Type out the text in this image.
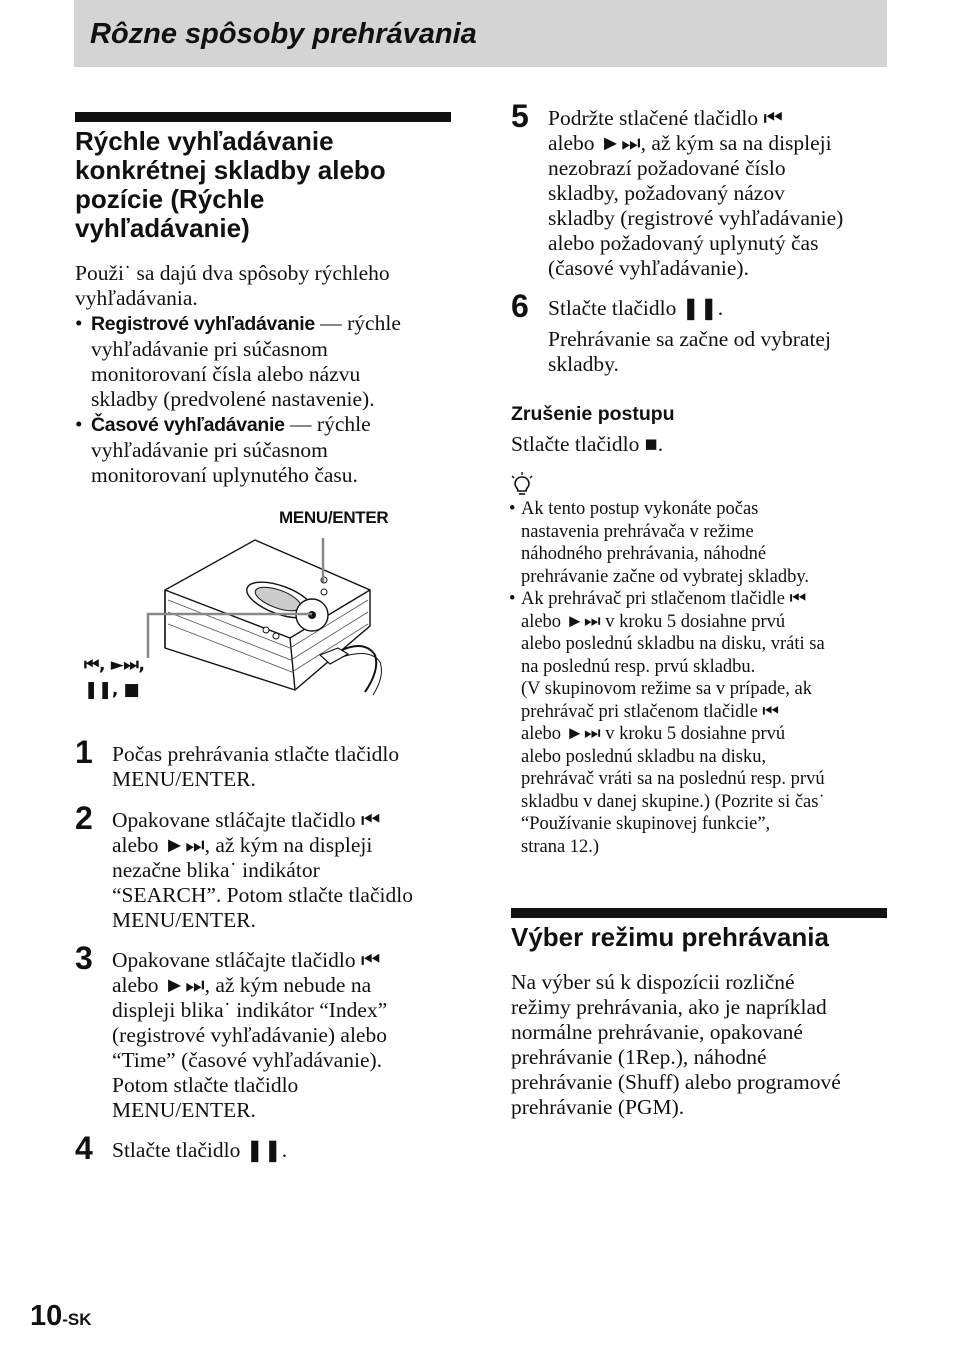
Rôzne spôsoby prehrávania
Rýchle vyhľadávanie
konkrétnej skladby alebo
pozície (Rýchle
vyhľadávanie)
Použi˙ sa dajú dva spôsoby rýchleho
vyhľadávania.
• Registrové vyhľadávanie — rýchle
vyhľadávanie pri súčasnom
monitorovaní čísla alebo názvu
skladby (predvolené nastavenie).
• Časové vyhľadávanie — rýchle
vyhľadávanie pri súčasnom
monitorovaní uplynutého času.
MENU/ENTER
⏮, ►⏭,
❚❚, ■
1 Počas prehrávania stlačte tlačidlo
MENU/ENTER.
2 Opakovane stláčajte tlačidlo ⏮
alebo ►⏭, až kým na displeji
nezačne blika˙ indikátor
“SEARCH”. Potom stlačte tlačidlo
MENU/ENTER.
3 Opakovane stláčajte tlačidlo ⏮
alebo ►⏭, až kým nebude na
displeji blika˙ indikátor “Index”
(registrové vyhľadávanie) alebo
“Time” (časové vyhľadávanie).
Potom stlačte tlačidlo
MENU/ENTER.
4 Stlačte tlačidlo ❚❚.
5 Podržte stlačené tlačidlo ⏮
alebo ►⏭, až kým sa na displeji
nezobrazí požadované číslo
skladby, požadovaný názov
skladby (registrové vyhľadávanie)
alebo požadovaný uplynutý čas
(časové vyhľadávanie).
6 Stlačte tlačidlo ❚❚.
Prehrávanie sa začne od vybratej
skladby.
Zrušenie postupu
Stlačte tlačidlo ■.
• Ak tento postup vykonáte počas
nastavenia prehrávača v režime
náhodného prehrávania, náhodné
prehrávanie začne od vybratej skladby.
• Ak prehrávač pri stlačenom tlačidle ⏮
alebo ►⏭ v kroku 5 dosiahne prvú
alebo poslednú skladbu na disku, vráti sa
na poslednú resp. prvú skladbu.
(V skupinovom režime sa v prípade, ak
prehrávač pri stlačenom tlačidle ⏮
alebo ►⏭ v kroku 5 dosiahne prvú
alebo poslednú skladbu na disku,
prehrávač vráti sa na poslednú resp. prvú
skladbu v danej skupine.) (Pozrite si čas˙
“Používanie skupinovej funkcie”,
strana 12.)
Výber režimu prehrávania
Na výber sú k dispozícii rozličné
režimy prehrávania, ako je napríklad
normálne prehrávanie, opakované
prehrávanie (1Rep.), náhodné
prehrávanie (Shuff) alebo programové
prehrávanie (PGM).
10-SK
